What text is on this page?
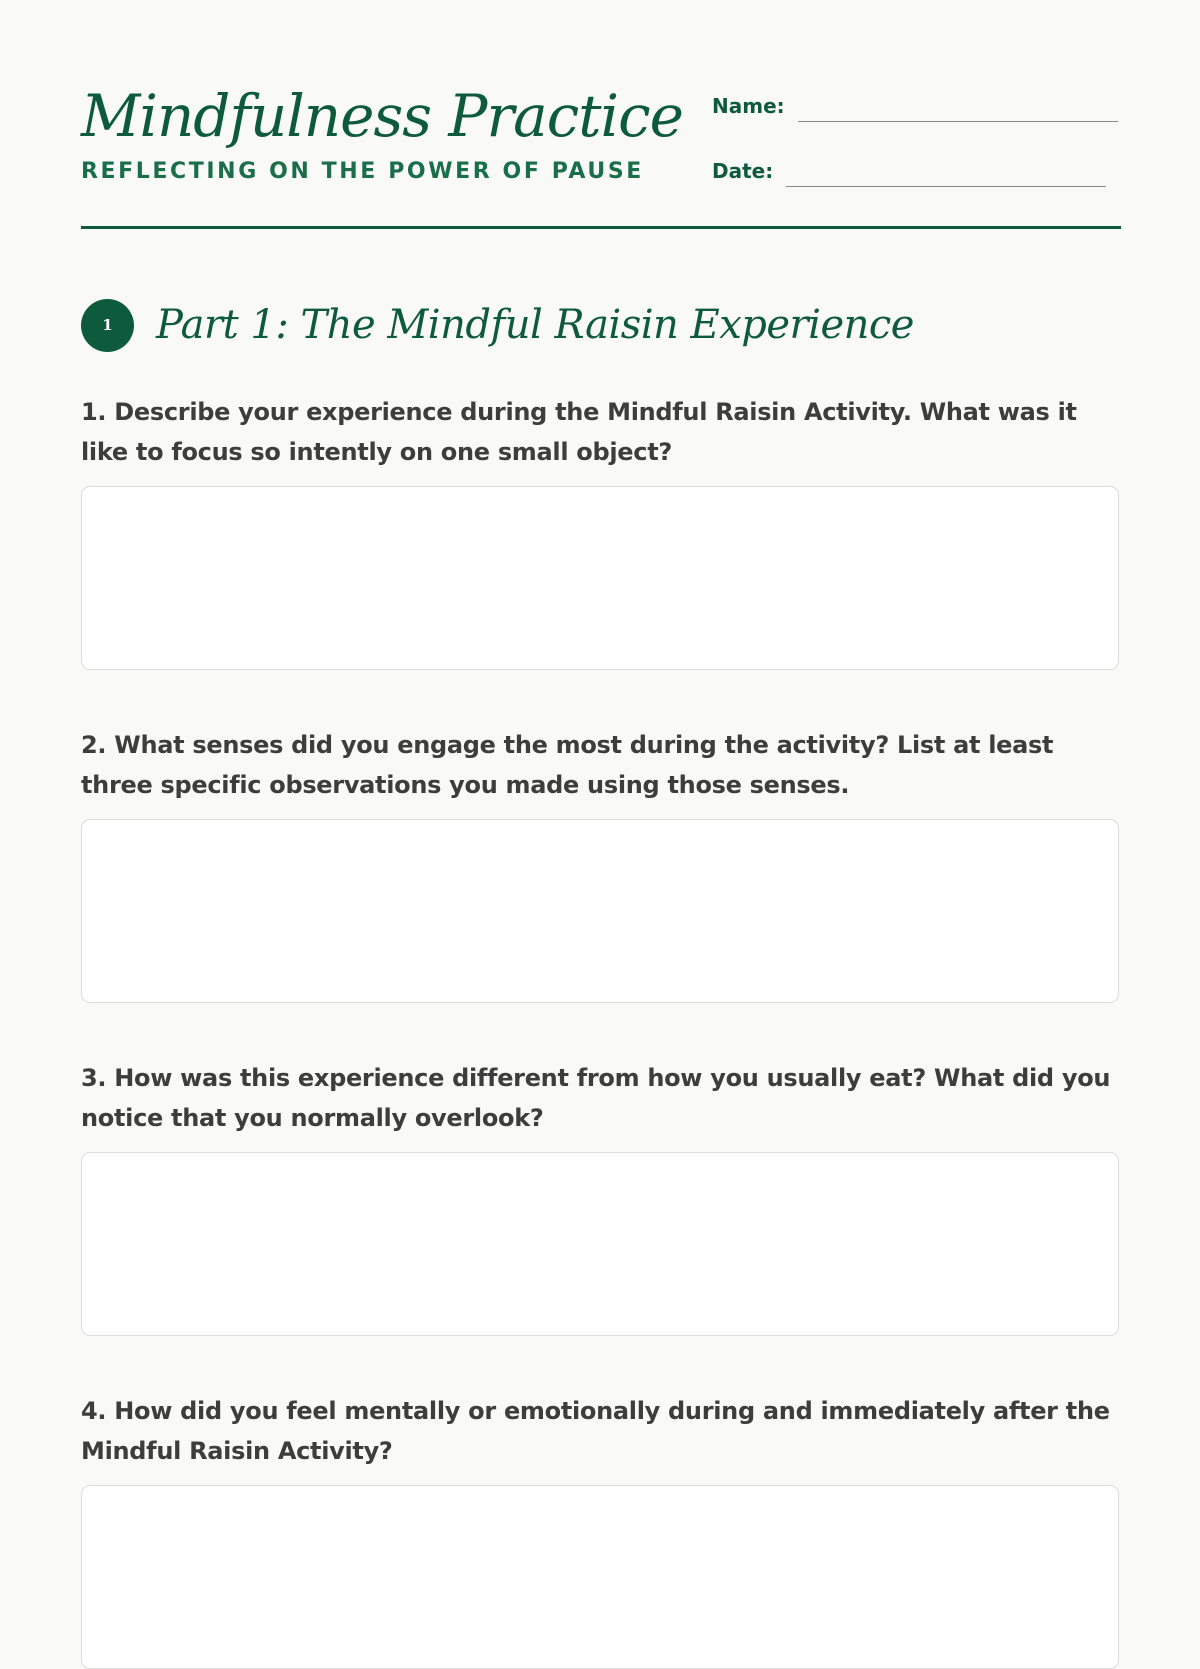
Mindfulness Practice
REFLECTING ON THE POWER OF PAUSE
Name:
Date:
1	Part 1: The Mindful Raisin Experience

1. Describe your experience during the Mindful Raisin Activity. What was it like to focus so intently on one small object?

2. What senses did you engage the most during the activity? List at least three specific observations you made using those senses.

3. How was this experience different from how you usually eat? What did you notice that you normally overlook?

4. How did you feel mentally or emotionally during and immediately after the Mindful Raisin Activity?
